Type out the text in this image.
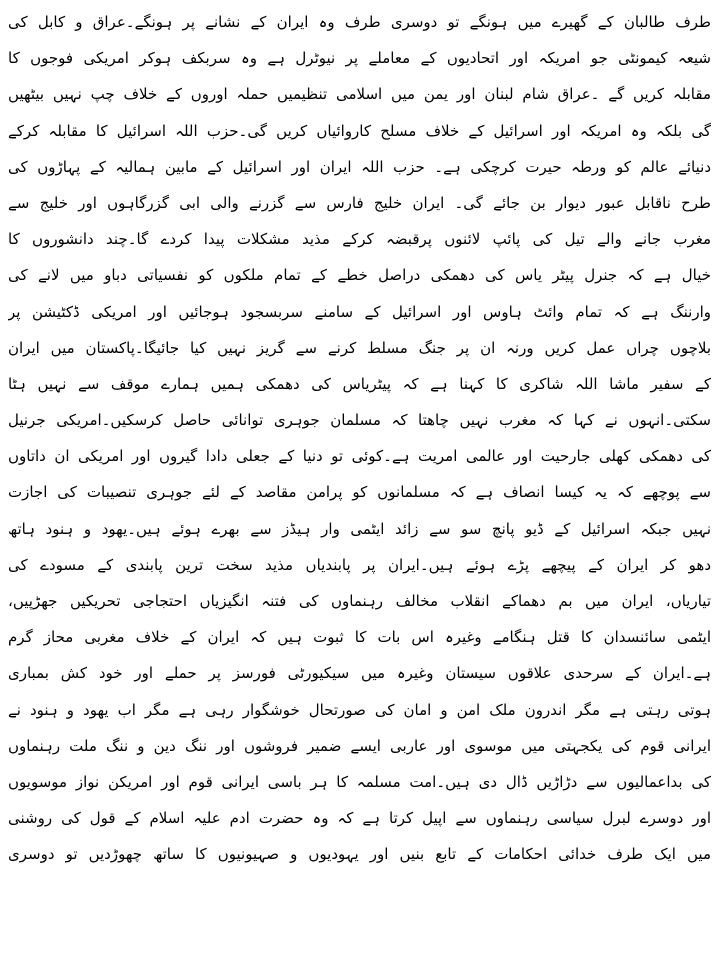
طرف طالبان کے گھیرے میں ہونگے تو دوسری طرف وہ ایران کے نشانے پر ہونگے۔عراق و کابل کی
شیعہ کیمونٹی جو امریکہ اور اتحادیوں کے معاملے پر نیوٹرل ہے وہ سربکف ہوکر امریکی فوجوں کا
مقابلہ کریں گے ۔عراق شام لبنان اور یمن میں اسلامی تنظیمیں حملہ اوروں کے خلاف چپ نہیں بیٹھیں
گی بلکہ وہ امریکہ اور اسرائیل کے خلاف مسلح کاروائیاں کریں گی۔حزب اللہ اسرائیل کا مقابلہ کرکے
دنیائے عالم کو ورطہ حیرت کرچکی ہے۔ حزب اللہ ایران اور اسرائیل کے مابین ہمالیہ کے پہاڑوں کی
طرح ناقابل عبور دیوار بن جائے گی۔ ایران خلیج فارس سے گزرنے والی ابی گزرگاہوں اور خلیج سے
مغرب جانے والے تیل کی پائپ لائنوں پرقبضہ کرکے مذید مشکلات پیدا کردے گا۔چند دانشوروں کا
خیال ہے کہ جنرل پیٹر یاس کی دھمکی دراصل خطے کے تمام ملکوں کو نفسیاتی دباو میں لانے کی
وارننگ ہے کہ تمام وائٹ ہاوس اور اسرائیل کے سامنے سربسجود ہوجائیں اور امریکی ڈکٹیشن پر
بلاچوں چراں عمل کریں ورنہ ان پر جنگ مسلط کرنے سے گریز نہیں کیا جائیگا۔پاکستان میں ایران
کے سفیر ماشا اللہ شاکری کا کہنا ہے کہ پیٹریاس کی دھمکی ہمیں ہمارے موقف سے نہیں ہٹا
سکتی۔انہوں نے کہا کہ مغرب نہیں چاھتا کہ مسلمان جوہری توانائی حاصل کرسکیں۔امریکی جرنیل
کی دھمکی کھلی جارحیت اور عالمی امریت ہے۔کوئی تو دنیا کے جعلی دادا گیروں اور امریکی ان داتاوں
سے پوچھے کہ یہ کیسا انصاف ہے کہ مسلمانوں کو پرامن مقاصد کے لئے جوہری تنصیبات کی اجازت
نہیں جبکہ اسرائیل کے ڈیو پانچ سو سے زائد ایٹمی وار ہیڈز سے بھرے ہوئے ہیں۔یھود و ہنود ہاتھ
دھو کر ایران کے پیچھے پڑے ہوئے ہیں۔ایران پر پابندیاں مذید سخت ترین پابندی کے مسودے کی
تیاریاں، ایران میں بم دھماکے انقلاب مخالف رہنماوں کی فتنہ انگیزیاں احتجاجی تحریکیں جھڑپیں،
ایٹمی سائنسدان کا قتل ہنگامے وغیرہ اس بات کا ثبوت ہیں کہ ایران کے خلاف مغربی محاز گرم
ہے۔ایران کے سرحدی علاقوں سیستان وغیرہ میں سیکیورٹی فورسز پر حملے اور خود کش بمباری
ہوتی رہتی ہے مگر اندرون ملک امن و امان کی صورتحال خوشگوار رہی ہے مگر اب یھود و ہنود نے
ایرانی قوم کی یکجہتی میں موسوی اور عاربی ایسے ضمیر فروشوں اور ننگ دین و ننگ ملت رہنماوں
کی بداعمالیوں سے دڑاڑیں ڈال دی ہیں۔امت مسلمہ کا ہر باسی ایرانی قوم اور امریکن نواز موسویوں
اور دوسرے لبرل سیاسی رہنماوں سے اپیل کرتا ہے کہ وہ حضرت ادم علیہ اسلام کے قول کی روشنی
میں ایک طرف خدائی احکامات کے تابع بنیں اور یہودیوں و صہیونیوں کا ساتھ چھوڑدیں تو دوسری
